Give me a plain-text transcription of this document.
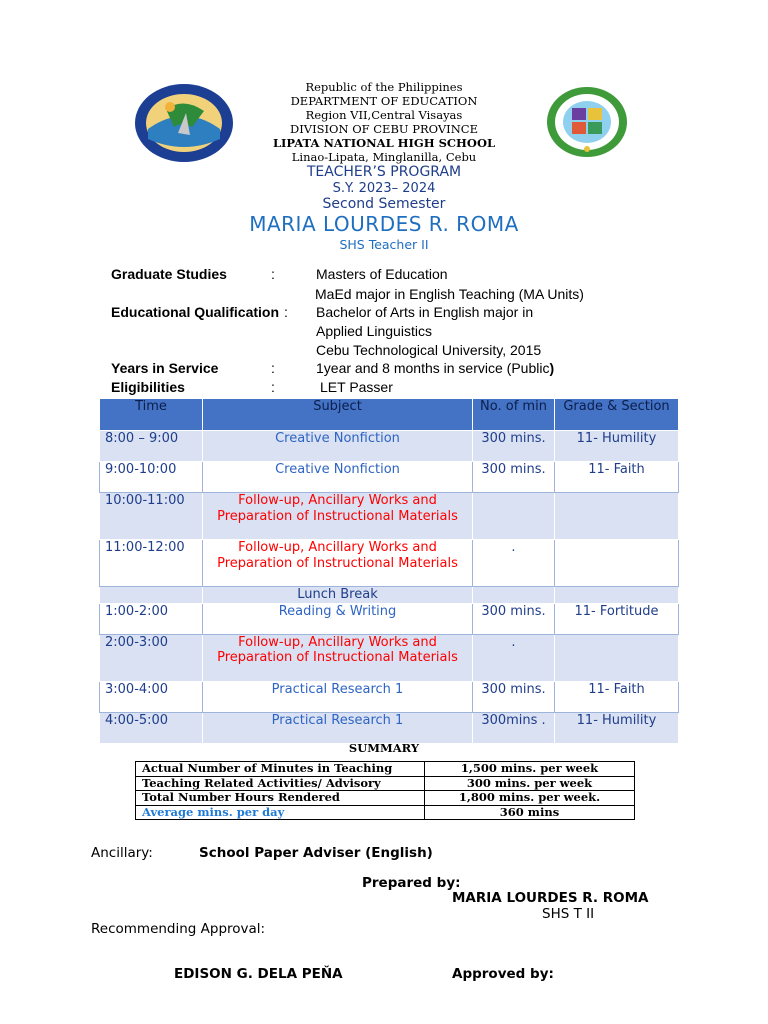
Republic of the Philippines
DEPARTMENT OF EDUCATION
Region VII,Central Visayas
DIVISION OF CEBU PROVINCE
LIPATA NATIONAL HIGH SCHOOL
Linao-Lipata, Minglanilla, Cebu
TEACHER’S PROGRAM
S.Y. 2023– 2024
Second Semester
MARIA LOURDES R. ROMA
SHS Teacher II
Graduate Studies	:	Masters of Education
MaEd major in English Teaching (MA Units)
Educational Qualification : Bachelor of Arts in English major in
Applied Linguistics
Cebu Technological University, 2015
Years in Service	:	1year and 8 months in service (Public)
Eligibilities	:	LET Passer
Time	Subject	No. of min	Grade & Section
8:00 – 9:00	Creative Nonfiction	300 mins.	11- Humility
9:00-10:00	Creative Nonfiction	300 mins.	11- Faith
10:00-11:00	Follow-up, Ancillary Works and Preparation of Instructional Materials		
11:00-12:00	Follow-up, Ancillary Works and Preparation of Instructional Materials	.	
	Lunch Break		
1:00-2:00	Reading & Writing	300 mins.	11- Fortitude
2:00-3:00	Follow-up, Ancillary Works and Preparation of Instructional Materials	.	
3:00-4:00	Practical Research 1	300 mins.	11- Faith
4:00-5:00	Practical Research 1	300mins .	11- Humility
SUMMARY
Actual Number of Minutes in Teaching	1,500 mins. per week
Teaching Related Activities/ Advisory	300 mins. per week
Total Number Hours Rendered	1,800 mins. per week.
Average mins. per day	360 mins
Ancillary:	School Paper Adviser (English)
Prepared by:
MARIA LOURDES R. ROMA
SHS T II
Recommending Approval:
EDISON G. DELA PEŇA	Approved by:
